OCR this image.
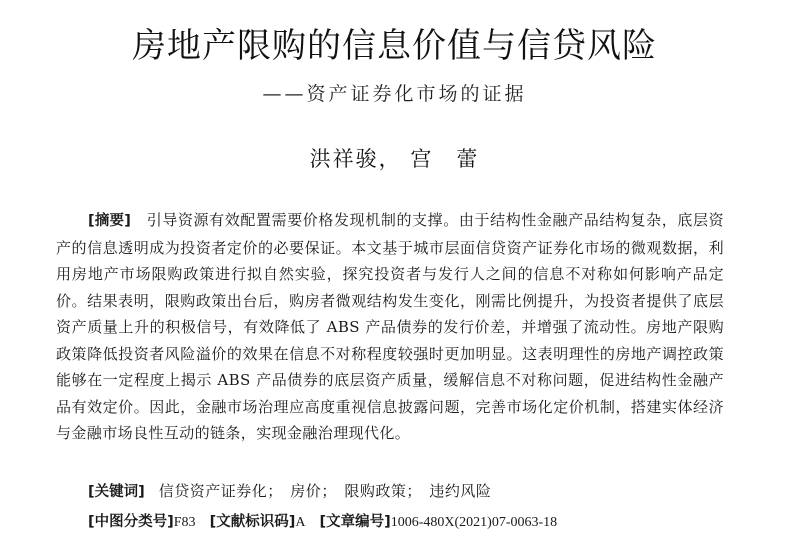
房地产限购的信息价值与信贷风险
——资产证券化市场的证据
洪祥骏， 宫　蕾
[摘要]　 引导资源有效配置需要价格发现机制的支撑。由于结构性金融产品结构复杂，底层资产的信息透明成为投资者定价的必要保证。本文基于城市层面信贷资产证券化市场的微观数据，利用房地产市场限购政策进行拟自然实验，探究投资者与发行人之间的信息不对称如何影响产品定价。结果表明，限购政策出台后，购房者微观结构发生变化，刚需比例提升，为投资者提供了底层资产质量上升的积极信号，有效降低了 ABS 产品债券的发行价差，并增强了流动性。房地产限购政策降低投资者风险溢价的效果在信息不对称程度较强时更加明显。这表明理性的房地产调控政策能够在一定程度上揭示 ABS 产品债券的底层资产质量，缓解信息不对称问题，促进结构性金融产品有效定价。因此，金融市场治理应高度重视信息披露问题，完善市场化定价机制，搭建实体经济与金融市场良性互动的链条，实现金融治理现代化。
[关键词] 信贷资产证券化； 房价； 限购政策； 违约风险
[中图分类号]F83 [文献标识码]A [文章编号]1006-480X(2021)07-0063-18
